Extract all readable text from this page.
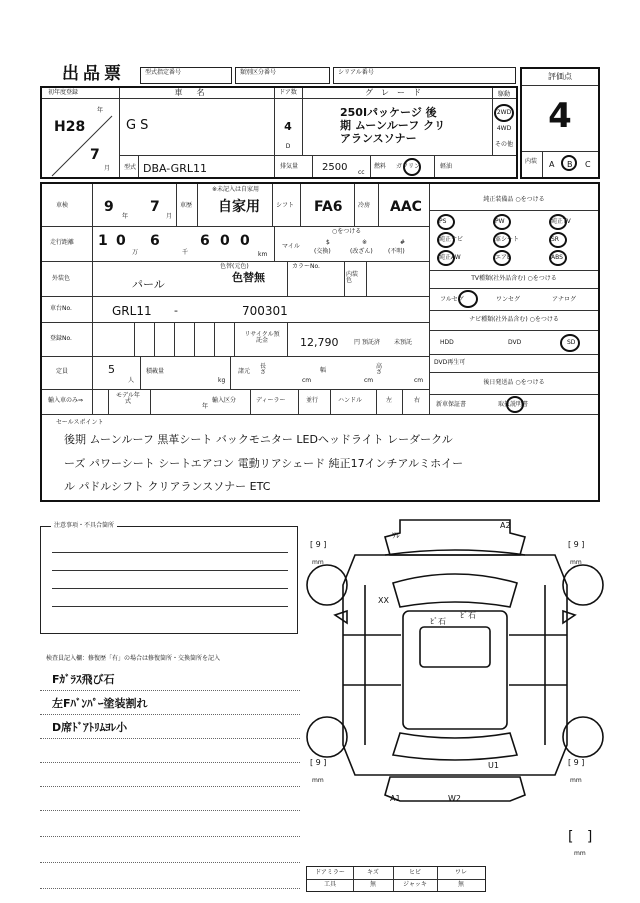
出品票	型式指定番号	類別区分番号	シリアル番号	評価点
4
内装 A B C
初年度登録
H28
年
7
月
車名
GS
ドア数
4
D
グレード
250Iパッケージ 後
期 ムーンルーフ クリ
アランスソナー
駆動
2WD
4WD
その他
型式 DBA-GRL11	排気量 2500 cc
燃料 ガソリン	軽油
車検	9
年
7
月
車歴
※未記入は自家用
自家用	シフト FA6	冷房 AAC
走行距離 1 0
万
6
千
6 0 0
km
マイル
○をつける
$
(交換)
※
(改ざん)
#
(不明)
外装色	パール
色替(元色)
色替無
カラーNo.
内装色
車台No.	GRL11 -	700301
登録No.
リサイクル預託金	12,790	円 預託済 未預託
定員	5
人
積載量
kg
諸元
長さ
cm
幅
cm
高さ
cm
輸入車のみ⇒
モデル年式
年
輸入区分	ディーラー	並行	ハンドル	左	右
純正装備品 ○をつける
TV種類(社外品含む) ○をつける
フルセグ	ワンセグ	アナログ
ナビ種類(社外品含む) ○をつける
HDD	DVD	SD
DVD再生可
後日発送品 ○をつける
新車保証書	取扱説明書
セールスポイント
後期 ムーンルーフ 黒革シート バックモニター LEDヘッドライト レーダークル
ーズ パワーシート シートエアコン 電動リアシェード 純正17インチアルミホイー
ル パドルシフト クリアランスソナー ETC
PS	PW	純正TV
純正ナビ	革シート	SR
純正AW	エアB	ABS
注意事項・不具合箇所
検査員記入欄：修復歴「有」の場合は修復箇所・交換箇所を記入
Fｶﾞﾗｽ飛び石
左Fﾊﾞﾝﾊﾟｰ塗装割れ
D席ﾄﾞｱﾄﾘﾑﾖﾚ小
A2
ﾜﾚ
XX
ﾋﾞ石
ﾋﾞ石
U1
A1	W2
[ 9 ]
mm
[ 9 ]
mm
[ 9 ]
mm
[ 9 ]
mm
[   ]
mm
ドアミラー	キズ	ヒビ	ワレ
工具	無	ジャッキ	無
